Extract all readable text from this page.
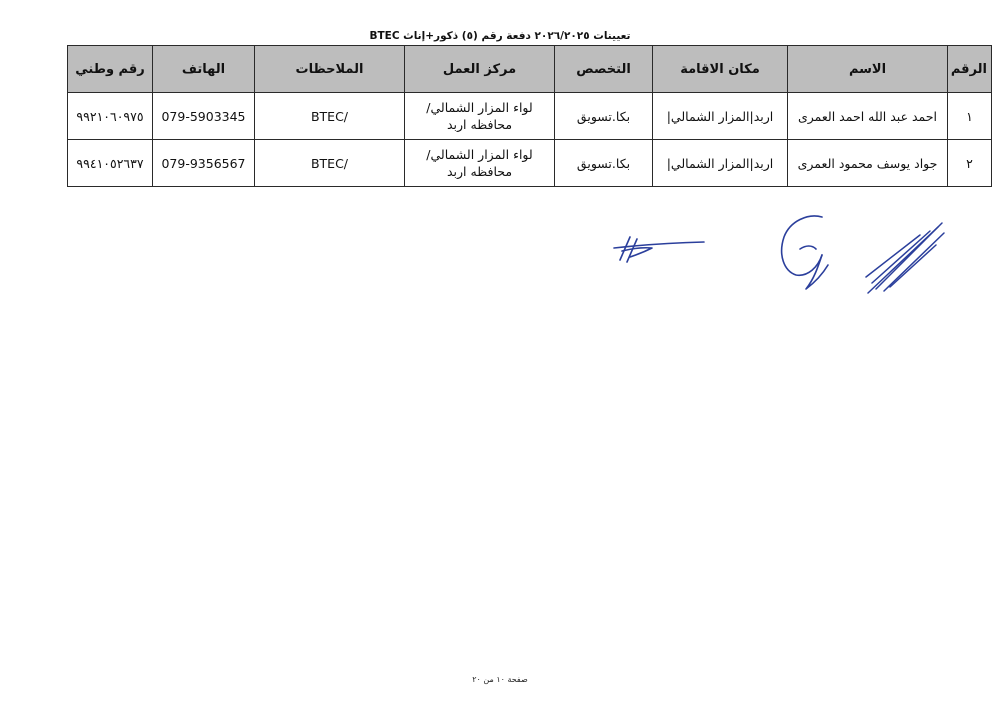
تعيينات ٢٠٢٦/٢٠٢٥ دفعة رقم (٥) ذكور+إناث BTEC
الرقم	الاسم	مكان الاقامة	التخصص	مركز العمل	الملاحظات	الهاتف	رقم وطني
١	احمد عبد الله احمد العمرى	اربد|المزار الشمالي|	بكا.تسويق	لواء المزار الشمالي/محافظه اربد	BTEC/	079-5903345	٩٩٢١٠٦٠٩٧٥
٢	جواد يوسف محمود العمرى	اربد|المزار الشمالي|	بكا.تسويق	لواء المزار الشمالي/محافظه اربد	BTEC/	079-9356567	٩٩٤١٠٥٢٦٣٧
صفحة ١٠ من ٢٠
